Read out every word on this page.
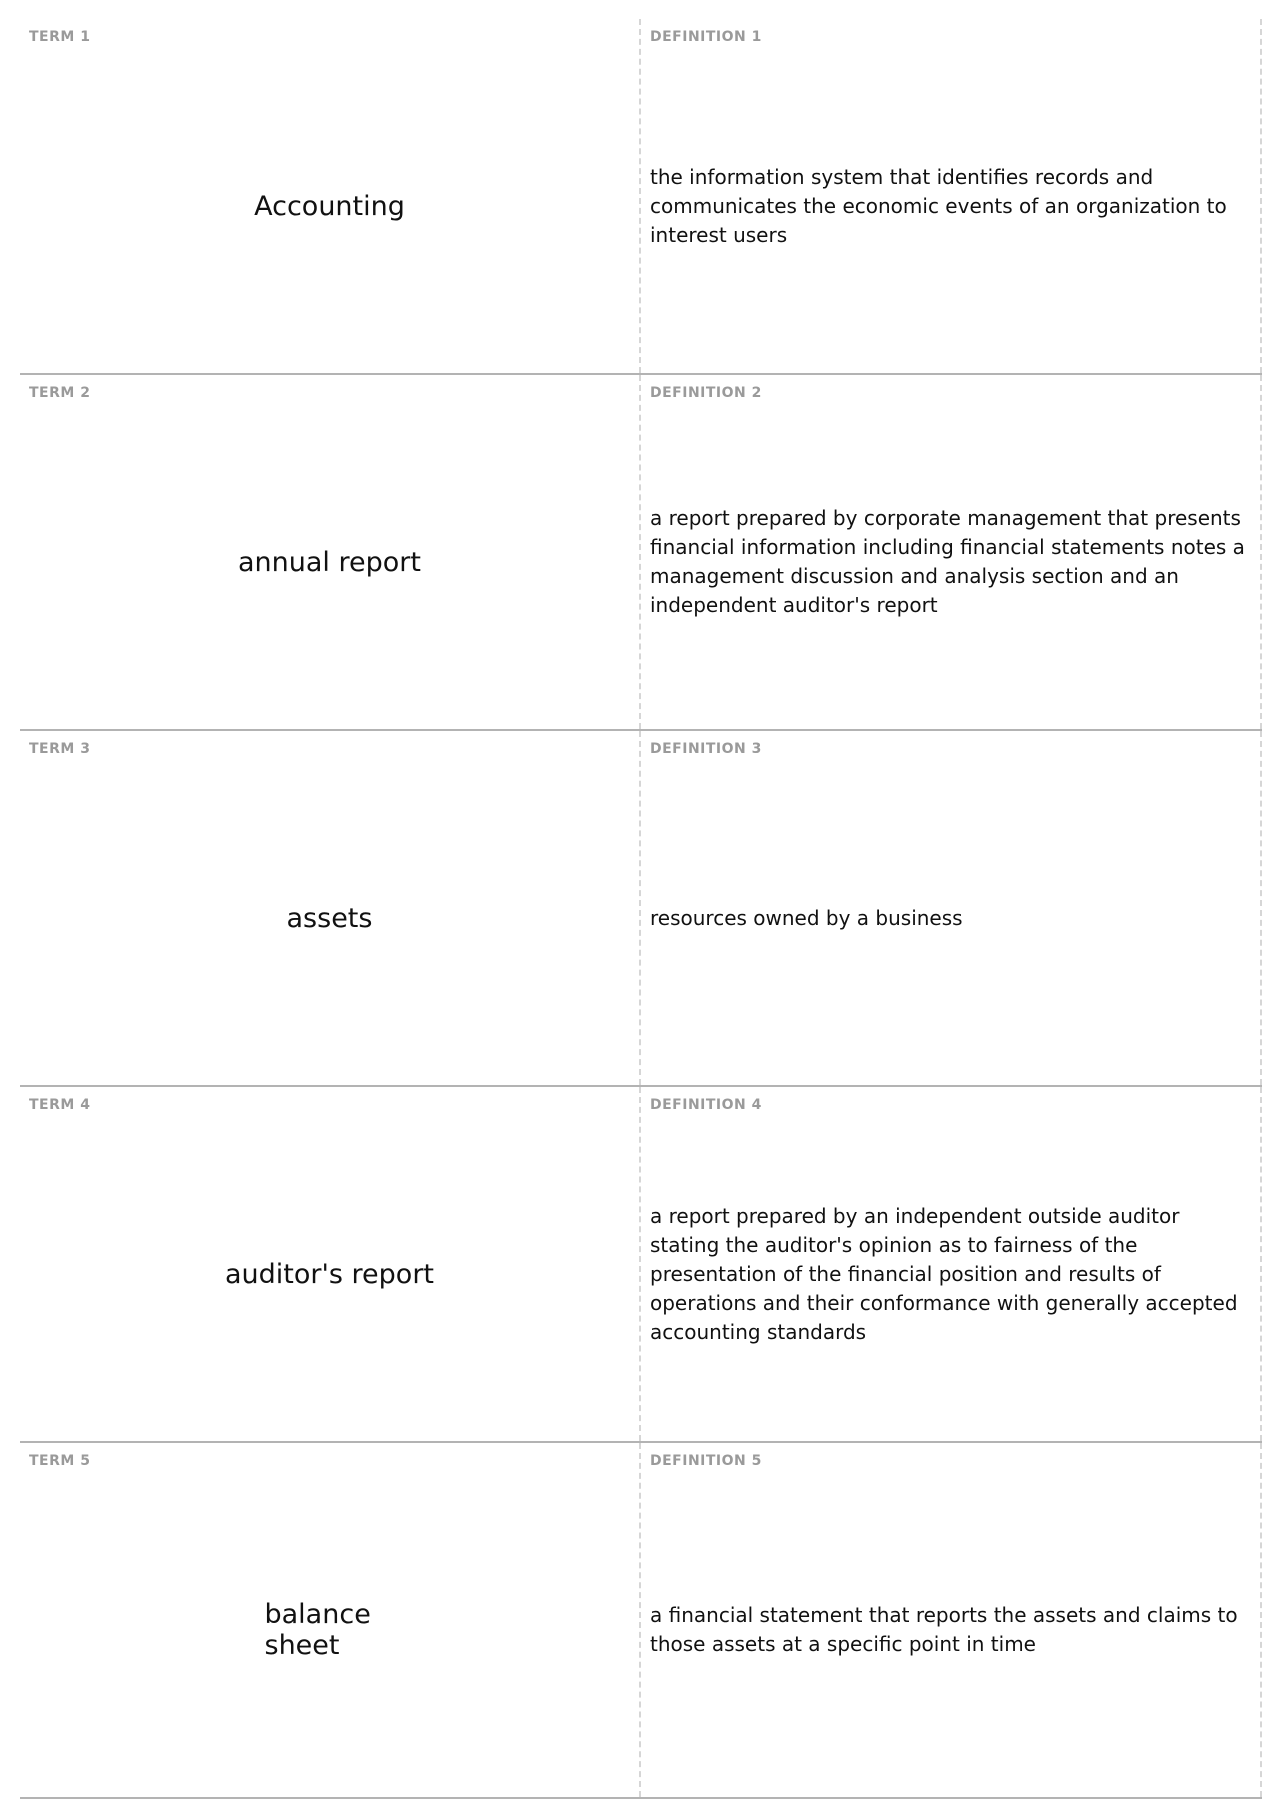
TERM 1
Accounting
DEFINITION 1
the information system that identifies records and communicates the economic events of an organization to interest users
TERM 2
annual report
DEFINITION 2
a report prepared by corporate management that presents financial information including financial statements notes a management discussion and analysis section and an independent auditor's report
TERM 3
assets
DEFINITION 3
resources owned by a business
TERM 4
auditor's report
DEFINITION 4
a report prepared by an independent outside auditor stating the auditor's opinion as to fairness of the presentation of the financial position and results of operations and their conformance with generally accepted accounting standards
TERM 5
balance sheet
DEFINITION 5
a financial statement that reports the assets and claims to those assets at a specific point in time
